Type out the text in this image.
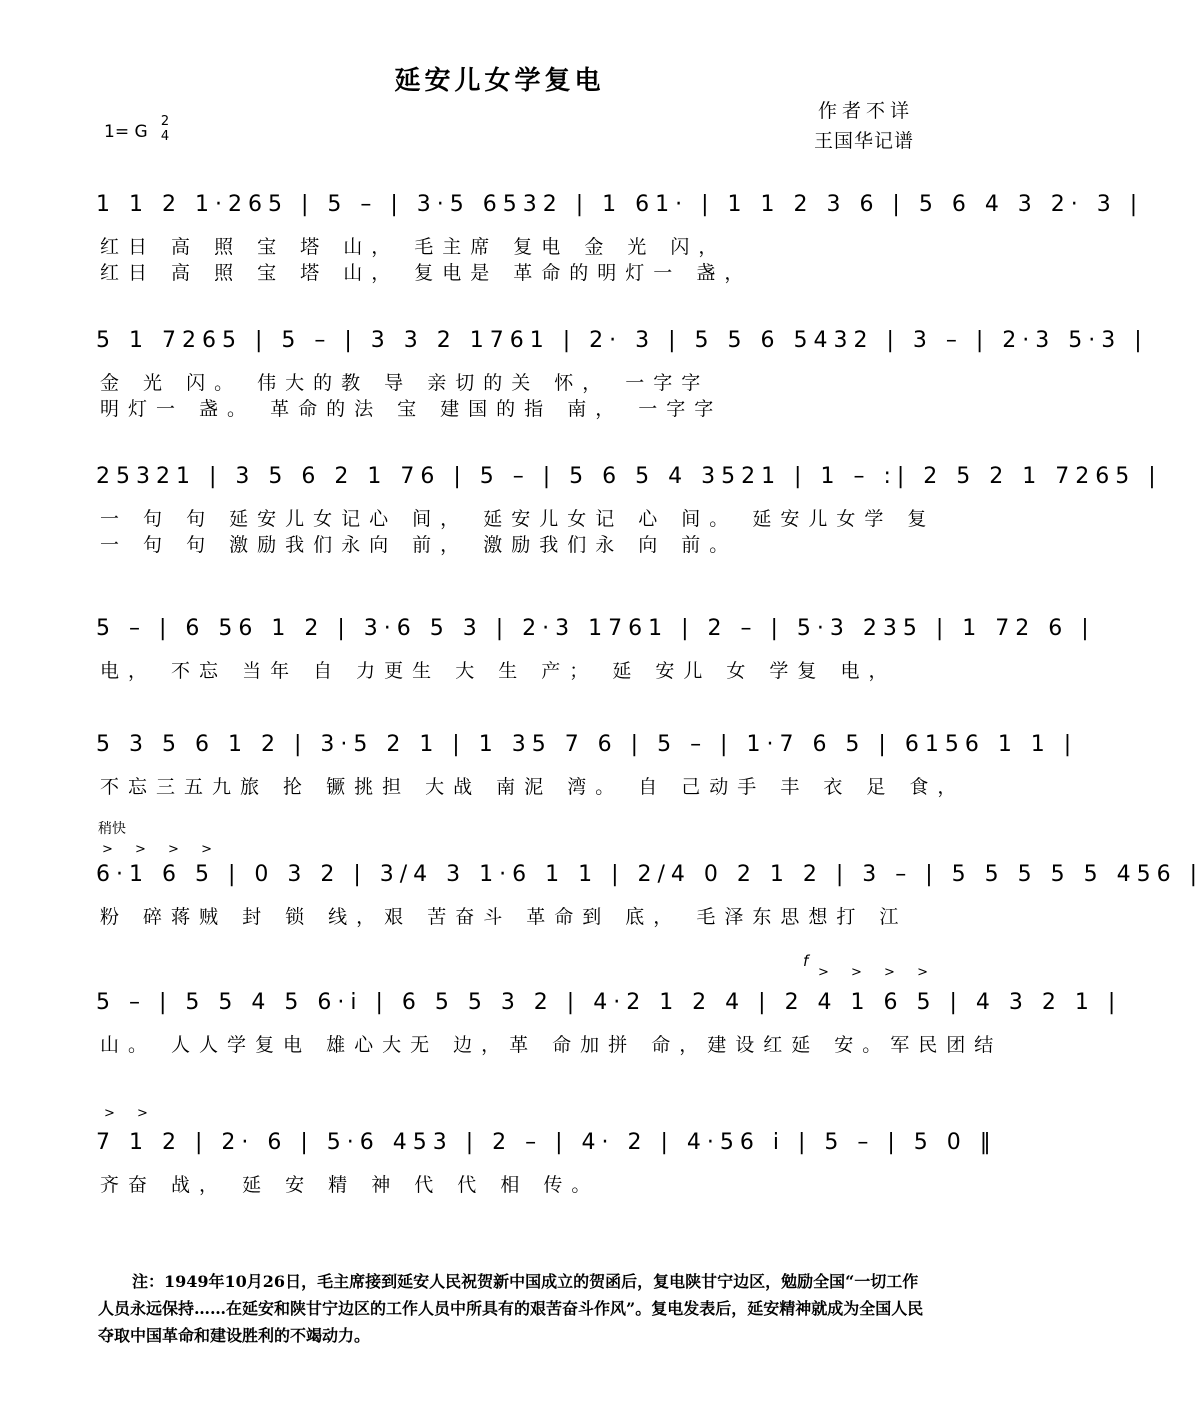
延安儿女学复电
作者不详
王国华记谱
1= G
2
4
稍快
> > > >
f
> > > >
> >
1 1 2 1·265 | 5 – | 3·5 6532 | 1 61· | 1 1 2 3 6 | 5 6 4 3 2· 3 |
红日 高 照 宝 塔 山， 毛主席 复电 金 光 闪，
红日 高 照 宝 塔 山， 复电是 革命的明灯一 盏，
5 1 7265 | 5 – | 3 3 2 1761 | 2· 3 | 5 5 6 5432 | 3 – | 2·3 5·3 |
金 光 闪。 伟大的教 导 亲切的关 怀， 一字字
明灯一 盏。 革命的法 宝 建国的指 南， 一字字
25321 | 3 5 6 2 1 76 | 5 – | 5 6 5 4 3521 | 1 – :| 2 5 2 1 7265 |
一 句 句 延安儿女记心 间， 延安儿女记 心 间。 延安儿女学 复
一 句 句 激励我们永向 前， 激励我们永 向 前。
5 – | 6 56 1 2 | 3·6 5 3 | 2·3 1761 | 2 – | 5·3 235 | 1 72 6 |
电， 不忘 当年 自 力更生 大 生 产； 延 安儿 女 学复 电，
5 3 5 6 1 2 | 3·5 2 1 | 1 35 7 6 | 5 – | 1·7 6 5 | 6156 1 1 |
不忘三五九旅 抡 镢挑担 大战 南泥 湾。 自 己动手 丰 衣 足 食，
6·1 6 5 | 0 3 2 | 3/4 3 1·6 1 1 | 2/4 0 2 1 2 | 3 – | 5 5 5 5 5 456 |
粉 碎蒋贼 封 锁 线，艰 苦奋斗 革命到 底， 毛泽东思想打 江
5 – | 5 5 4 5 6·i | 6 5 5 3 2 | 4·2 1 2 4 | 2 4 1 6 5 | 4 3 2 1 |
山。 人人学复电 雄心大无 边，革 命加拼 命，建设红延 安。军民团结
7 1 2 | 2· 6 | 5·6 453 | 2 – | 4· 2 | 4·56 i | 5 – | 5 0 ‖
齐奋 战， 延 安 精 神 代 代 相 传。
注：1949年10月26日，毛主席接到延安人民祝贺新中国成立的贺函后，复电陕甘宁边区，勉励全国“一切工作人员永远保持……在延安和陕甘宁边区的工作人员中所具有的艰苦奋斗作风”。复电发表后，延安精神就成为全国人民夺取中国革命和建设胜利的不竭动力。
